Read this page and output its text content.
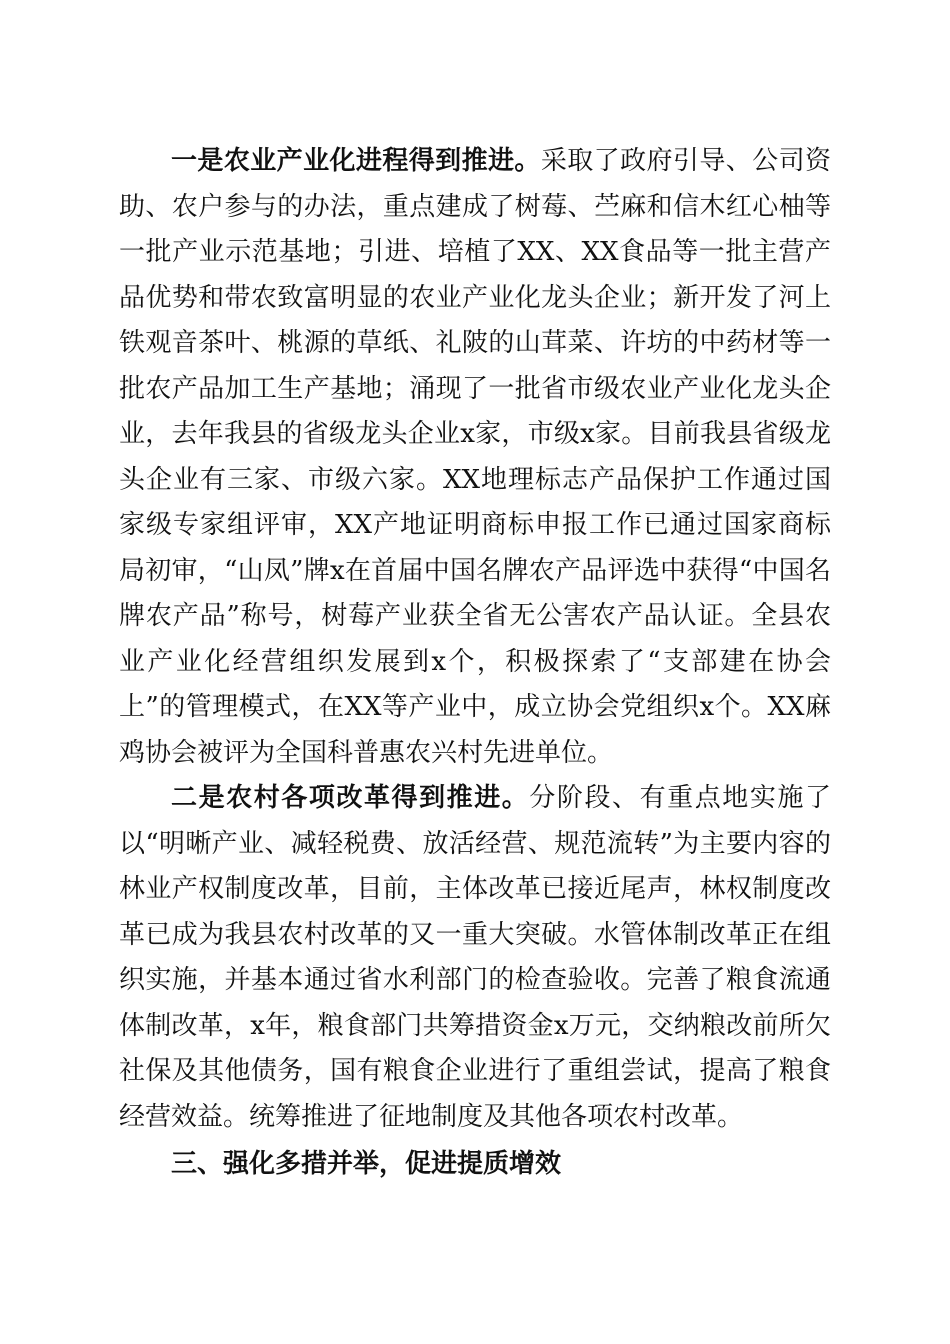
一是农业产业化进程得到推进。采取了政府引导、公司资助、农户参与的办法，重点建成了树莓、苎麻和信木红心柚等一批产业示范基地；引进、培植了XX、XX食品等一批主营产品优势和带农致富明显的农业产业化龙头企业；新开发了河上铁观音茶叶、桃源的草纸、礼陂的山茸菜、许坊的中药材等一批农产品加工生产基地；涌现了一批省市级农业产业化龙头企业，去年我县的省级龙头企业x家，市级x家。目前我县省级龙头企业有三家、市级六家。XX地理标志产品保护工作通过国家级专家组评审，XX产地证明商标申报工作已通过国家商标局初审，“山凤”牌x在首届中国名牌农产品评选中获得“中国名牌农产品”称号，树莓产业获全省无公害农产品认证。全县农业产业化经营组织发展到x个，积极探索了“支部建在协会上”的管理模式，在XX等产业中，成立协会党组织x个。XX麻鸡协会被评为全国科普惠农兴村先进单位。

二是农村各项改革得到推进。分阶段、有重点地实施了以“明晰产业、减轻税费、放活经营、规范流转”为主要内容的林业产权制度改革，目前，主体改革已接近尾声，林权制度改革已成为我县农村改革的又一重大突破。水管体制改革正在组织实施，并基本通过省水利部门的检查验收。完善了粮食流通体制改革，x年，粮食部门共筹措资金x万元，交纳粮改前所欠社保及其他债务，国有粮食企业进行了重组尝试，提高了粮食经营效益。统筹推进了征地制度及其他各项农村改革。

三、强化多措并举，促进提质增效
